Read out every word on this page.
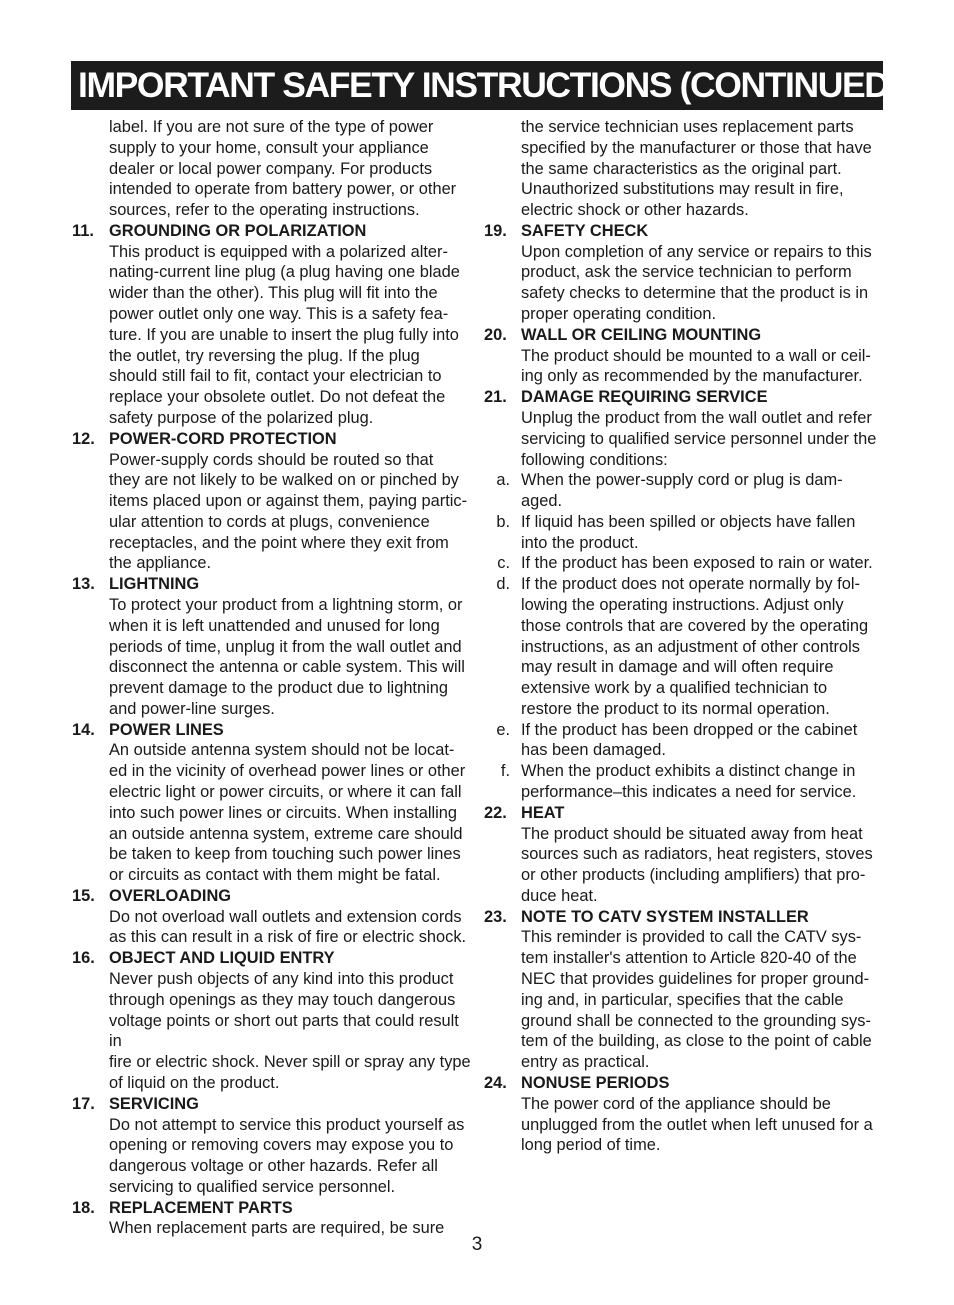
IMPORTANT SAFETY INSTRUCTIONS (CONTINUED)
label. If you are not sure of the type of power
supply to your home, consult your appliance
dealer or local power company. For products
intended to operate from battery power, or other
sources, refer to the operating instructions.
11. GROUNDING OR POLARIZATION
This product is equipped with a polarized alter-
nating-current line plug (a plug having one blade
wider than the other). This plug will fit into the
power outlet only one way. This is a safety fea-
ture. If you are unable to insert the plug fully into
the outlet, try reversing the plug. If the plug
should still fail to fit, contact your electrician to
replace your obsolete outlet. Do not defeat the
safety purpose of the polarized plug.
12. POWER-CORD PROTECTION
Power-supply cords should be routed so that
they are not likely to be walked on or pinched by
items placed upon or against them, paying partic-
ular attention to cords at plugs, convenience
receptacles, and the point where they exit from
the appliance.
13. LIGHTNING
To protect your product from a lightning storm, or
when it is left unattended and unused for long
periods of time, unplug it from the wall outlet and
disconnect the antenna or cable system. This will
prevent damage to the product due to lightning
and power-line surges.
14. POWER LINES
An outside antenna system should not be locat-
ed in the vicinity of overhead power lines or other
electric light or power circuits, or where it can fall
into such power lines or circuits. When installing
an outside antenna system, extreme care should
be taken to keep from touching such power lines
or circuits as contact with them might be fatal.
15. OVERLOADING
Do not overload wall outlets and extension cords
as this can result in a risk of fire or electric shock.
16. OBJECT AND LIQUID ENTRY
Never push objects of any kind into this product
through openings as they may touch dangerous
voltage points or short out parts that could result in
fire or electric shock. Never spill or spray any type
of liquid on the product.
17. SERVICING
Do not attempt to service this product yourself as
opening or removing covers may expose you to
dangerous voltage or other hazards. Refer all
servicing to qualified service personnel.
18. REPLACEMENT PARTS
When replacement parts are required, be sure
the service technician uses replacement parts
specified by the manufacturer or those that have
the same characteristics as the original part.
Unauthorized substitutions may result in fire,
electric shock or other hazards.
19. SAFETY CHECK
Upon completion of any service or repairs to this
product, ask the service technician to perform
safety checks to determine that the product is in
proper operating condition.
20. WALL OR CEILING MOUNTING
The product should be mounted to a wall or ceil-
ing only as recommended by the manufacturer.
21. DAMAGE REQUIRING SERVICE
Unplug the product from the wall outlet and refer
servicing to qualified service personnel under the
following conditions:
a. When the power-supply cord or plug is dam-
aged.
b. If liquid has been spilled or objects have fallen
into the product.
c. If the product has been exposed to rain or water.
d. If the product does not operate normally by fol-
lowing the operating instructions. Adjust only
those controls that are covered by the operating
instructions, as an adjustment of other controls
may result in damage and will often require
extensive work by a qualified technician to
restore the product to its normal operation.
e. If the product has been dropped or the cabinet
has been damaged.
f. When the product exhibits a distinct change in
performance–this indicates a need for service.
22. HEAT
The product should be situated away from heat
sources such as radiators, heat registers, stoves
or other products (including amplifiers) that pro-
duce heat.
23. NOTE TO CATV SYSTEM INSTALLER
This reminder is provided to call the CATV sys-
tem installer's attention to Article 820-40 of the
NEC that provides guidelines for proper ground-
ing and, in particular, specifies that the cable
ground shall be connected to the grounding sys-
tem of the building, as close to the point of cable
entry as practical.
24. NONUSE PERIODS
The power cord of the appliance should be
unplugged from the outlet when left unused for a
long period of time.
3
